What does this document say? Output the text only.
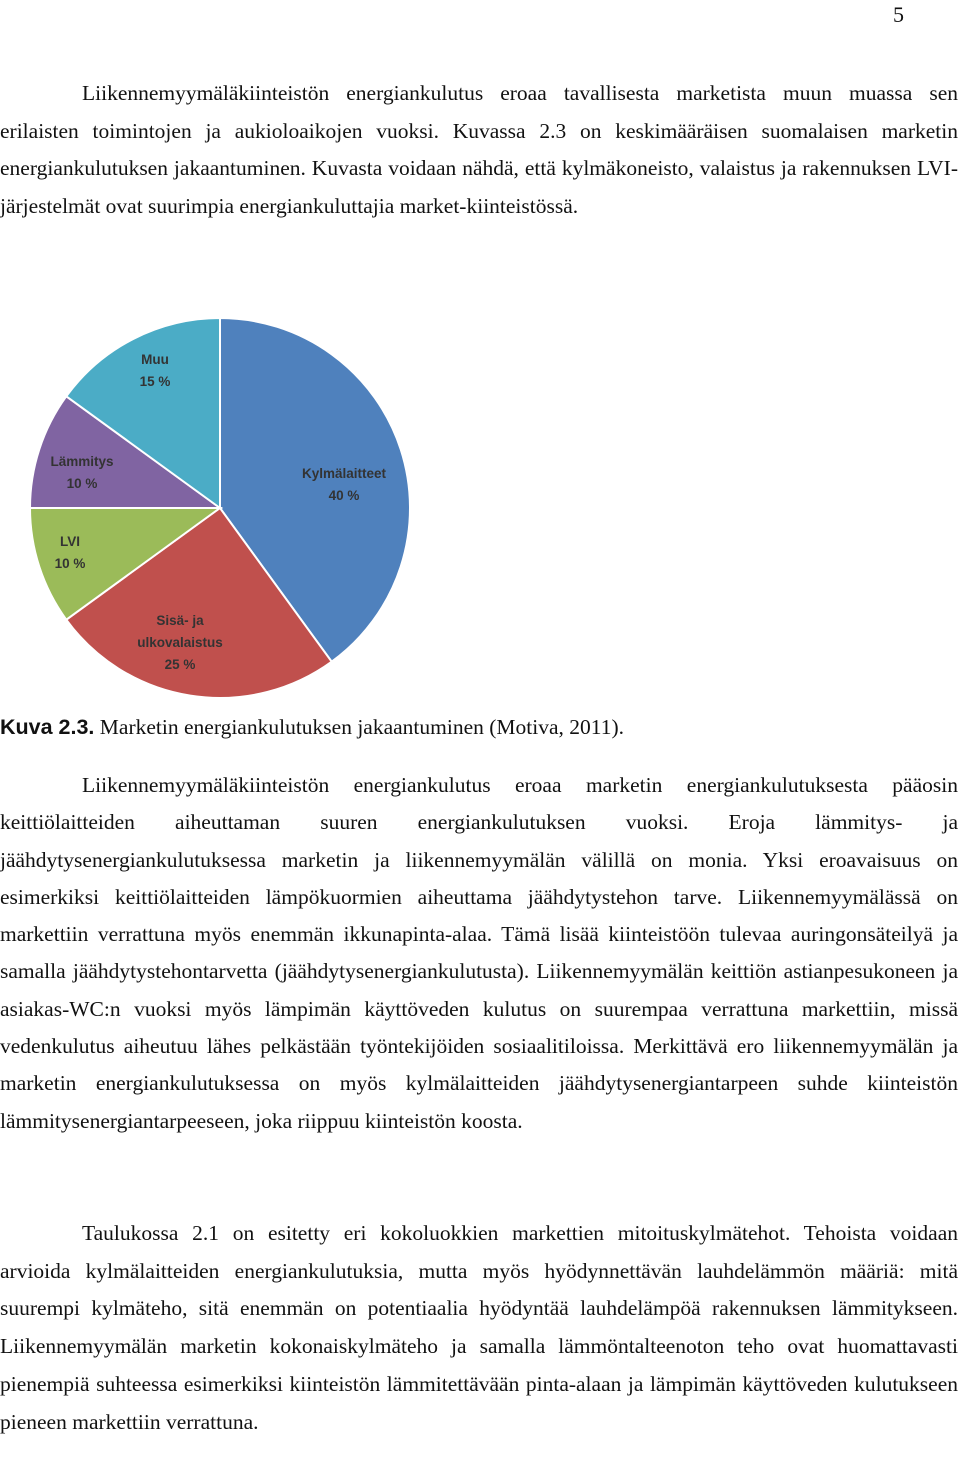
5

Liikennemyymäläkiinteistön energiankulutus eroaa tavallisesta marketista muun muassa sen erilaisten toimintojen ja aukioloaikojen vuoksi. Kuvassa 2.3 on keskimääräisen suomalaisen marketin energiankulutuksen jakaantuminen. Kuvasta voidaan nähdä, että kylmäkoneisto, valaistus ja rakennuksen LVI-järjestelmät ovat suurimpia energiankuluttajia market-kiinteistössä.

Kylmälaitteet 40 %
Sisä- ja ulkovalaistus 25 %
LVI 10 %
Lämmitys 10 %
Muu 15 %

Kuva 2.3. Marketin energiankulutuksen jakaantuminen (Motiva, 2011).

Liikennemyymäläkiinteistön energiankulutus eroaa marketin energiankulutuksesta pääosin keittiölaitteiden aiheuttaman suuren energiankulutuksen vuoksi. Eroja lämmitys- ja jäähdytysenergiankulutuksessa marketin ja liikennemyymälän välillä on monia. Yksi eroavaisuus on esimerkiksi keittiölaitteiden lämpökuormien aiheuttama jäähdytystehon tarve. Liikennemyymälässä on markettiin verrattuna myös enemmän ikkunapinta-alaa. Tämä lisää kiinteistöön tulevaa auringonsäteilyä ja samalla jäähdytystehontarvetta (jäähdytysenergiankulutusta). Liikennemyymälän keittiön astianpesukoneen ja asiakas-WC:n vuoksi myös lämpimän käyttöveden kulutus on suurempaa verrattuna markettiin, missä vedenkulutus aiheutuu lähes pelkästään työntekijöiden sosiaalitiloissa. Merkittävä ero liikennemyymälän ja marketin energiankulutuksessa on myös kylmälaitteiden jäähdytysenergiantarpeen suhde kiinteistön lämmitysenergiantarpeeseen, joka riippuu kiinteistön koosta.

Taulukossa 2.1 on esitetty eri kokoluokkien markettien mitoituskylmätehot. Tehoista voidaan arvioida kylmälaitteiden energiankulutuksia, mutta myös hyödynnettävän lauhdelämmön määriä: mitä suurempi kylmäteho, sitä enemmän on potentiaalia hyödyntää lauhdelämpöä rakennuksen lämmitykseen. Liikennemyymälän marketin kokonaiskylmäteho ja samalla lämmöntalteenoton teho ovat huomattavasti pienempiä suhteessa esimerkiksi kiinteistön lämmitettävään pinta-alaan ja lämpimän käyttöveden kulutukseen pieneen markettiin verrattuna.
